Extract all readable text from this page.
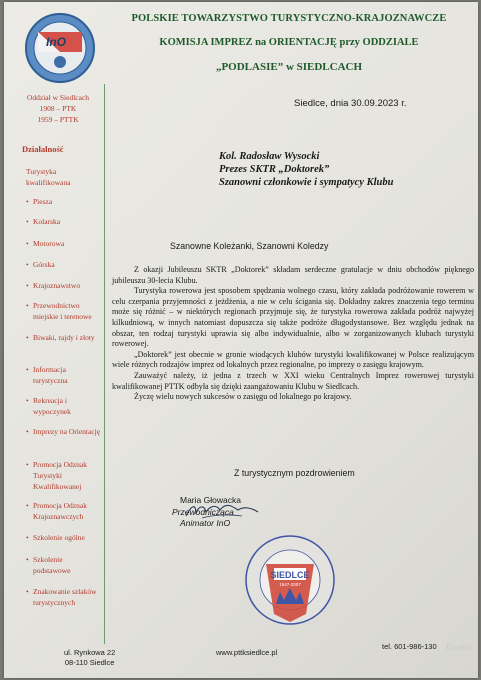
InO
POLSKIE TOWARZYSTWO TURYSTYCZNO-KRAJOZNAWCZE
KOMISJA IMPREZ na ORIENTACJĘ przy ODDZIALE
„PODLASIE” w SIEDLCACH
Oddział w Siedlcach
1908 – PTK
1959 – PTTK
Działalność
Turystyka kwalifikowana
• Piesza
• Kolarska
• Motorowa
• Górska
• Krajoznawstwo
• Przewodnictwo miejskie i terenowe
• Biwaki, rajdy i złoty
• Informacja turystyczna
• Rekreacja i wypoczynek
• Imprezy na Orientację
• Promocja Odznak Turystyki Kwalifikowanej
• Promocja Odznak Krajoznawczych
• Szkolenie ogólne
• Szkolenie podstawowe
• Znakowanie szlaków turystycznych
Siedlce, dnia 30.09.2023 r.
Kol. Radosław Wysocki
Prezes SKTR „Doktorek”
Szanowni członkowie i sympatycy Klubu
Szanowne Koleżanki, Szanowni Koledzy

Z okazji Jubileuszu SKTR „Doktorek” składam serdeczne gratulacje w dniu obchodów pięknego jubileuszu 30-lecia Klubu.

Turystyka rowerowa jest sposobem spędzania wolnego czasu, który zakłada podróżowanie rowerem w celu czerpania przyjemności z jeżdżenia, a nie w celu ścigania się. Dokładny zakres znaczenia tego terminu może się różnić – w niektórych regionach przyjmuje się, że turystyka rowerowa zakłada podróż najwyżej kilkudniową, w innych natomiast dopuszcza się także podróże długodystansowe. Bez względu jednak na obszar, ten rodzaj turystyki uprawia się albo indywidualnie, albo w zorganizowanych klubach turystyki rowerowej.

„Doktorek” jest obecnie w gronie wiodących klubów turystyki kwalifikowanej w Polsce realizującym wiele różnych rodzajów imprez od lokalnych przez regionalne, po imprezy o zasięgu krajowym.

Zauważyć należy, iż jedna z trzech w XXI wieku Centralnych Imprez rowerowej turystyki kwalifikowanej PTTK odbyła się dzięki zaangażowaniu Klubu w Siedlcach.

Życzę wielu nowych sukcesów o zasięgu od lokalnego po krajowy.

Z turystycznym pozdrowieniem
Maria Głowacka
Przewodnicząca
Animator InO
SIEDLCE
1547-2007
ul. Rynkowa 22
08-110 Siedlce
www.pttksiedlce.pl
tel. 601-986-130 Esselte
